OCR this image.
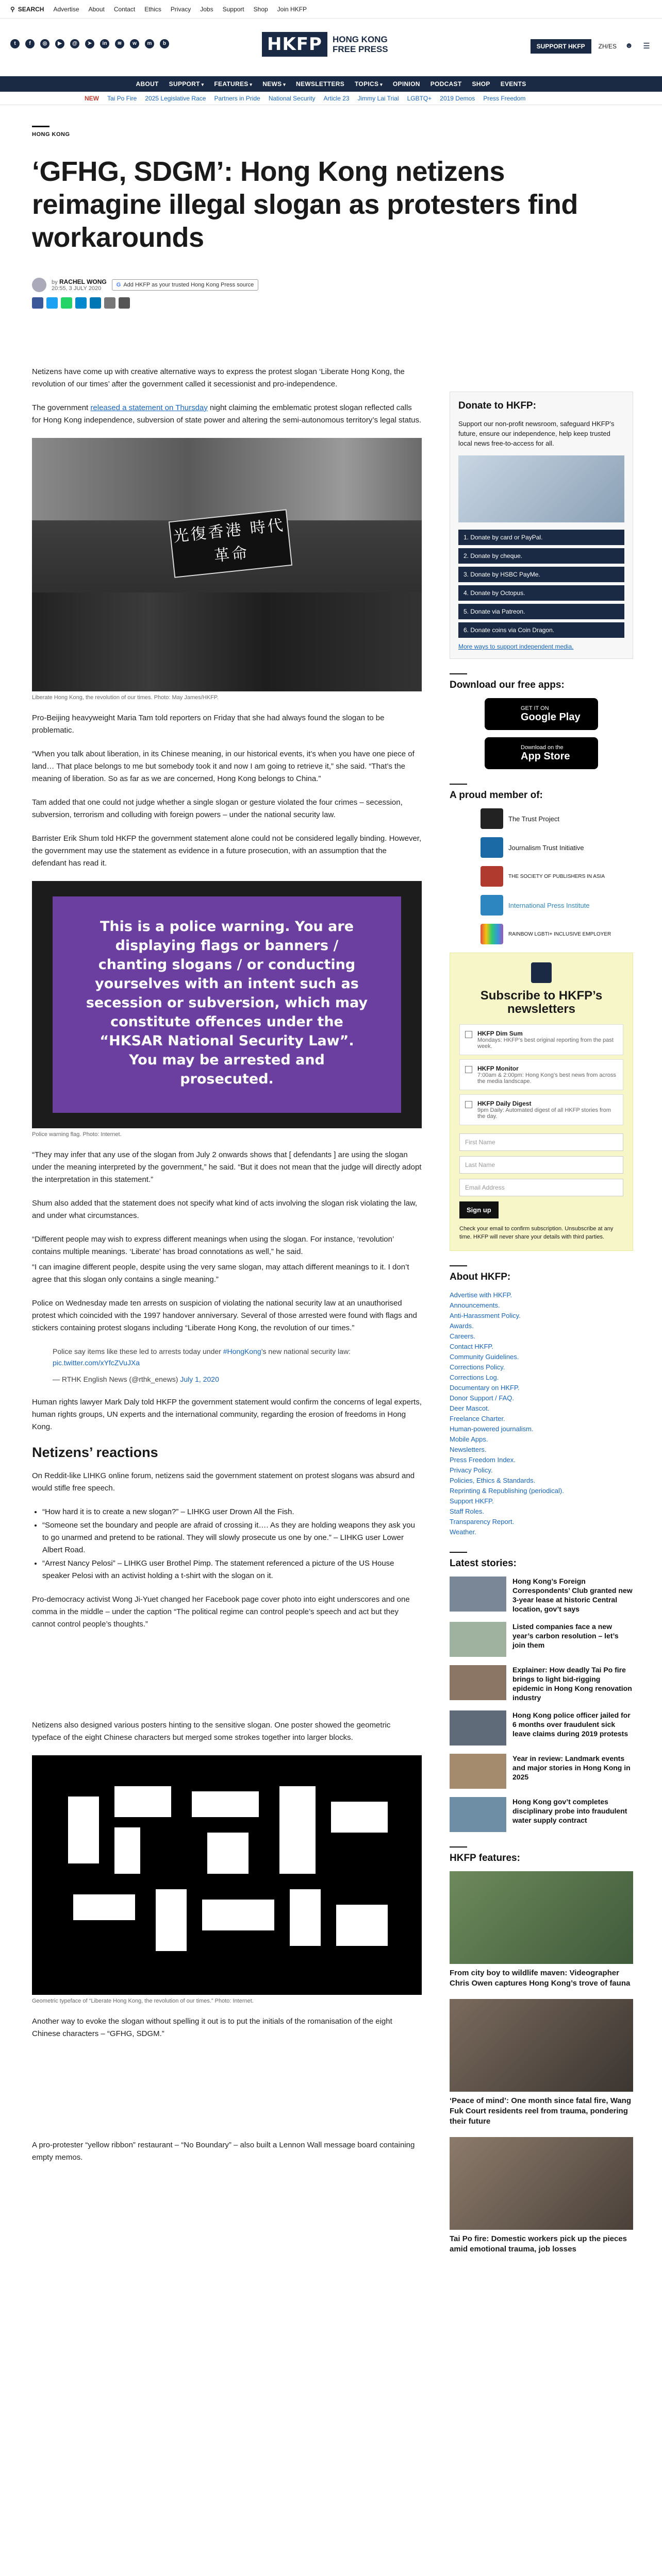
⚲ SEARCH Advertise About Contact Ethics Privacy Jobs Support Shop Join HKFP
t	f	◎	▶	@	➤	in	≋	w	m	b	HKFP	HONG KONG
FREE PRESS	SUPPORT HKFP	ZH/ES ☻ ☰
ABOUT SUPPORT ▾	FEATURES ▾	NEWS ▾	NEWSLETTERS TOPICS ▾	OPINION PODCAST SHOP EVENTS
NEW Tai Po Fire 2025 Legislative Race Partners in Pride National Security Article 23 Jimmy Lai Trial LGBTQ+ 2019 Demos Press Freedom
HONG KONG
‘GFHG, SDGM’: Hong Kong netizens reimagine illegal slogan as protesters find workarounds
by RACHEL WONG
20:55, 3 JULY 2020
G Add HKFP as your trusted Hong Kong Press source

Netizens have come up with creative alternative ways to express the protest slogan ‘Liberate Hong Kong, the revolution of our times’ after the government called it secessionist and pro-independence.

The government released a statement on Thursday night claiming the emblematic protest slogan reflected calls for Hong Kong independence, subversion of state power and altering the semi-autonomous territory’s legal status.

光復香港 時代革命
Liberate Hong Kong, the revolution of our times. Photo: May James/HKFP.

Pro-Beijing heavyweight Maria Tam told reporters on Friday that she had always found the slogan to be problematic.

“When you talk about liberation, in its Chinese meaning, in our historical events, it’s when you have one piece of land… That place belongs to me but somebody took it and now I am going to retrieve it,” she said. “That’s the meaning of liberation. So as far as we are concerned, Hong Kong belongs to China.”

Tam added that one could not judge whether a single slogan or gesture violated the four crimes – secession, subversion, terrorism and colluding with foreign powers – under the national security law.

Barrister Erik Shum told HKFP the government statement alone could not be considered legally binding. However, the government may use the statement as evidence in a future prosecution, with an assumption that the defendant has read it.

This is a police warning. You are displaying flags or banners / chanting slogans / or conducting yourselves with an intent such as secession or subversion, which may constitute offences under the “HKSAR National Security Law”. You may be arrested and prosecuted.
Police warning flag. Photo: Internet.

“They may infer that any use of the slogan from July 2 onwards shows that [ defendants ] are using the slogan under the meaning interpreted by the government,” he said. “But it does not mean that the judge will directly adopt the interpretation in this statement.”

Shum also added that the statement does not specify what kind of acts involving the slogan risk violating the law, and under what circumstances.

“Different people may wish to express different meanings when using the slogan. For instance, ‘revolution’ contains multiple meanings. ‘Liberate’ has broad connotations as well,” he said.

“I can imagine different people, despite using the very same slogan, may attach different meanings to it. I don’t agree that this slogan only contains a single meaning.”

Police on Wednesday made ten arrests on suspicion of violating the national security law at an unauthorised protest which coincided with the 1997 handover anniversary. Several of those arrested were found with flags and stickers containing protest slogans including “Liberate Hong Kong, the revolution of our times.”

Police say items like these led to arrests today under #HongKong’s new national security law: pic.twitter.com/xYfcZVuJXa
— RTHK English News (@rthk_enews) July 1, 2020

Human rights lawyer Mark Daly told HKFP the government statement would confirm the concerns of legal experts, human rights groups, UN experts and the international community, regarding the erosion of freedoms in Hong Kong.

Netizens’ reactions

On Reddit-like LIHKG online forum, netizens said the government statement on protest slogans was absurd and would stifle free speech.

• “How hard it is to create a new slogan?” – LIHKG user Drown All the Fish.
• “Someone set the boundary and people are afraid of crossing it…. As they are holding weapons they ask you to go unarmed and pretend to be rational. They will slowly prosecute us one by one.” – LIHKG user Lower Albert Road.
• “Arrest Nancy Pelosi” – LIHKG user Brothel Pimp. The statement referenced a picture of the US House speaker Pelosi with an activist holding a t-shirt with the slogan on it.

Pro-democracy activist Wong Ji-Yuet changed her Facebook page cover photo into eight underscores and one comma in the middle – under the caption “The political regime can control people’s speech and act but they cannot control people’s thoughts.”

Netizens also designed various posters hinting to the sensitive slogan. One poster showed the geometric typeface of the eight Chinese characters but merged some strokes together into larger blocks.

Geometric typeface of “Liberate Hong Kong, the revolution of our times.” Photo: Internet.

Another way to evoke the slogan without spelling it out is to put the initials of the romanisation of the eight Chinese characters – “GFHG, SDGM.”

A pro-protester “yellow ribbon” restaurant – “No Boundary” – also built a Lennon Wall message board containing empty memos.

Donate to HKFP:

Support our non-profit newsroom, safeguard HKFP’s future, ensure our independence, help keep trusted local news free-to-access for all.

1. Donate by card or PayPal.
2. Donate by cheque.
3. Donate by HSBC PayMe.
4. Donate by Octopus.
5. Donate via Patreon.
6. Donate coins via Coin Dragon.
More ways to support independent media.
Download our free apps:
GET IT ON
Google Play
Download on the
App Store
A proud member of:
The Trust Project
Journalism Trust Initiative
THE SOCIETY OF PUBLISHERS IN ASIA
International Press Institute
RAINBOW LGBTI+ INCLUSIVE EMPLOYER
Subscribe to HKFP’s newsletters
HKFP Dim Sum
Mondays: HKFP’s best original reporting from the past week.
HKFP Monitor
7:00am & 2:00pm: Hong Kong’s best news from across the media landscape.
HKFP Daily Digest
9pm Daily: Automated digest of all HKFP stories from the day.
First Name
Last Name
Email Address
Sign up

Check your email to confirm subscription. Unsubscribe at any time. HKFP will never share your details with third parties.

About HKFP:
Advertise with HKFP.
Announcements.
Anti-Harassment Policy.
Awards.
Careers.
Contact HKFP.
Community Guidelines.
Corrections Policy.
Corrections Log.
Documentary on HKFP.
Donor Support / FAQ.
Deer Mascot.
Freelance Charter.
Human-powered journalism.
Mobile Apps.
Newsletters.
Press Freedom Index.
Privacy Policy.
Policies, Ethics & Standards.
Reprinting & Republishing (periodical).
Support HKFP.
Staff Roles.
Transparency Report.
Weather.
Latest stories:
Hong Kong’s Foreign Correspondents’ Club granted new 3-year lease at historic Central location, gov’t says
Listed companies face a new year’s carbon resolution – let’s join them
Explainer: How deadly Tai Po fire brings to light bid-rigging epidemic in Hong Kong renovation industry
Hong Kong police officer jailed for 6 months over fraudulent sick leave claims during 2019 protests
Year in review: Landmark events and major stories in Hong Kong in 2025
Hong Kong gov’t completes disciplinary probe into fraudulent water supply contract
HKFP features:
From city boy to wildlife maven: Videographer Chris Owen captures Hong Kong’s trove of fauna
‘Peace of mind’: One month since fatal fire, Wang Fuk Court residents reel from trauma, pondering their future
Tai Po fire: Domestic workers pick up the pieces amid emotional trauma, job losses
